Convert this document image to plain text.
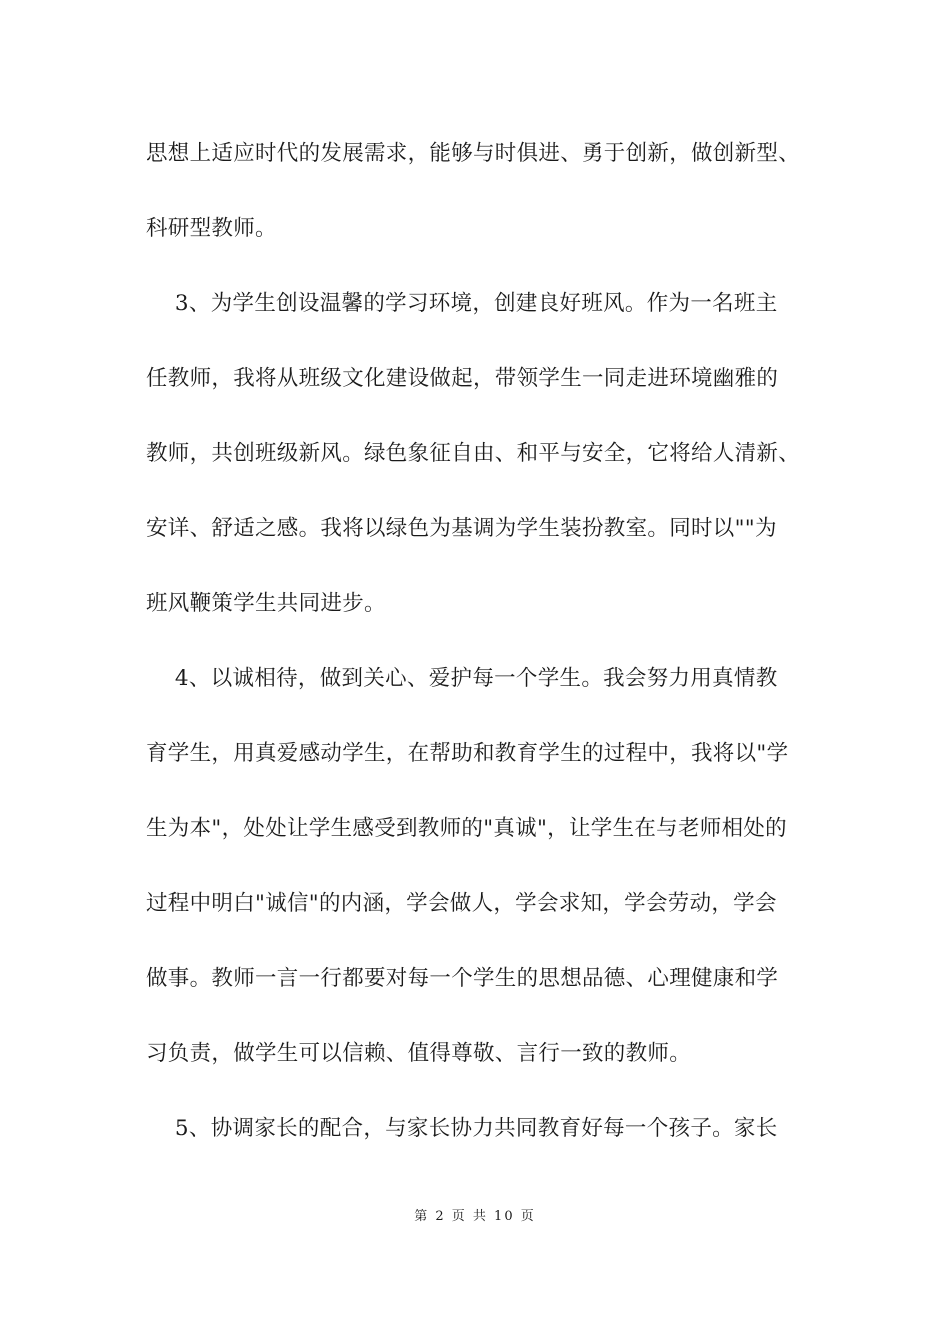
思想上适应时代的发展需求，能够与时俱进、勇于创新，做创新型、
科研型教师。
　 3、为学生创设温馨的学习环境，创建良好班风。作为一名班主
任教师，我将从班级文化建设做起，带领学生一同走进环境幽雅的
教师，共创班级新风。绿色象征自由、和平与安全，它将给人清新、
安详、舒适之感。我将以绿色为基调为学生装扮教室。同时以""为
班风鞭策学生共同进步。
　 4、以诚相待，做到关心、爱护每一个学生。我会努力用真情教
育学生，用真爱感动学生，在帮助和教育学生的过程中，我将以"学
生为本"，处处让学生感受到教师的"真诚"，让学生在与老师相处的
过程中明白"诚信"的内涵，学会做人，学会求知，学会劳动，学会
做事。教师一言一行都要对每一个学生的思想品德、心理健康和学
习负责，做学生可以信赖、值得尊敬、言行一致的教师。
　 5、协调家长的配合，与家长协力共同教育好每一个孩子。家长
第 2 页 共 10 页
